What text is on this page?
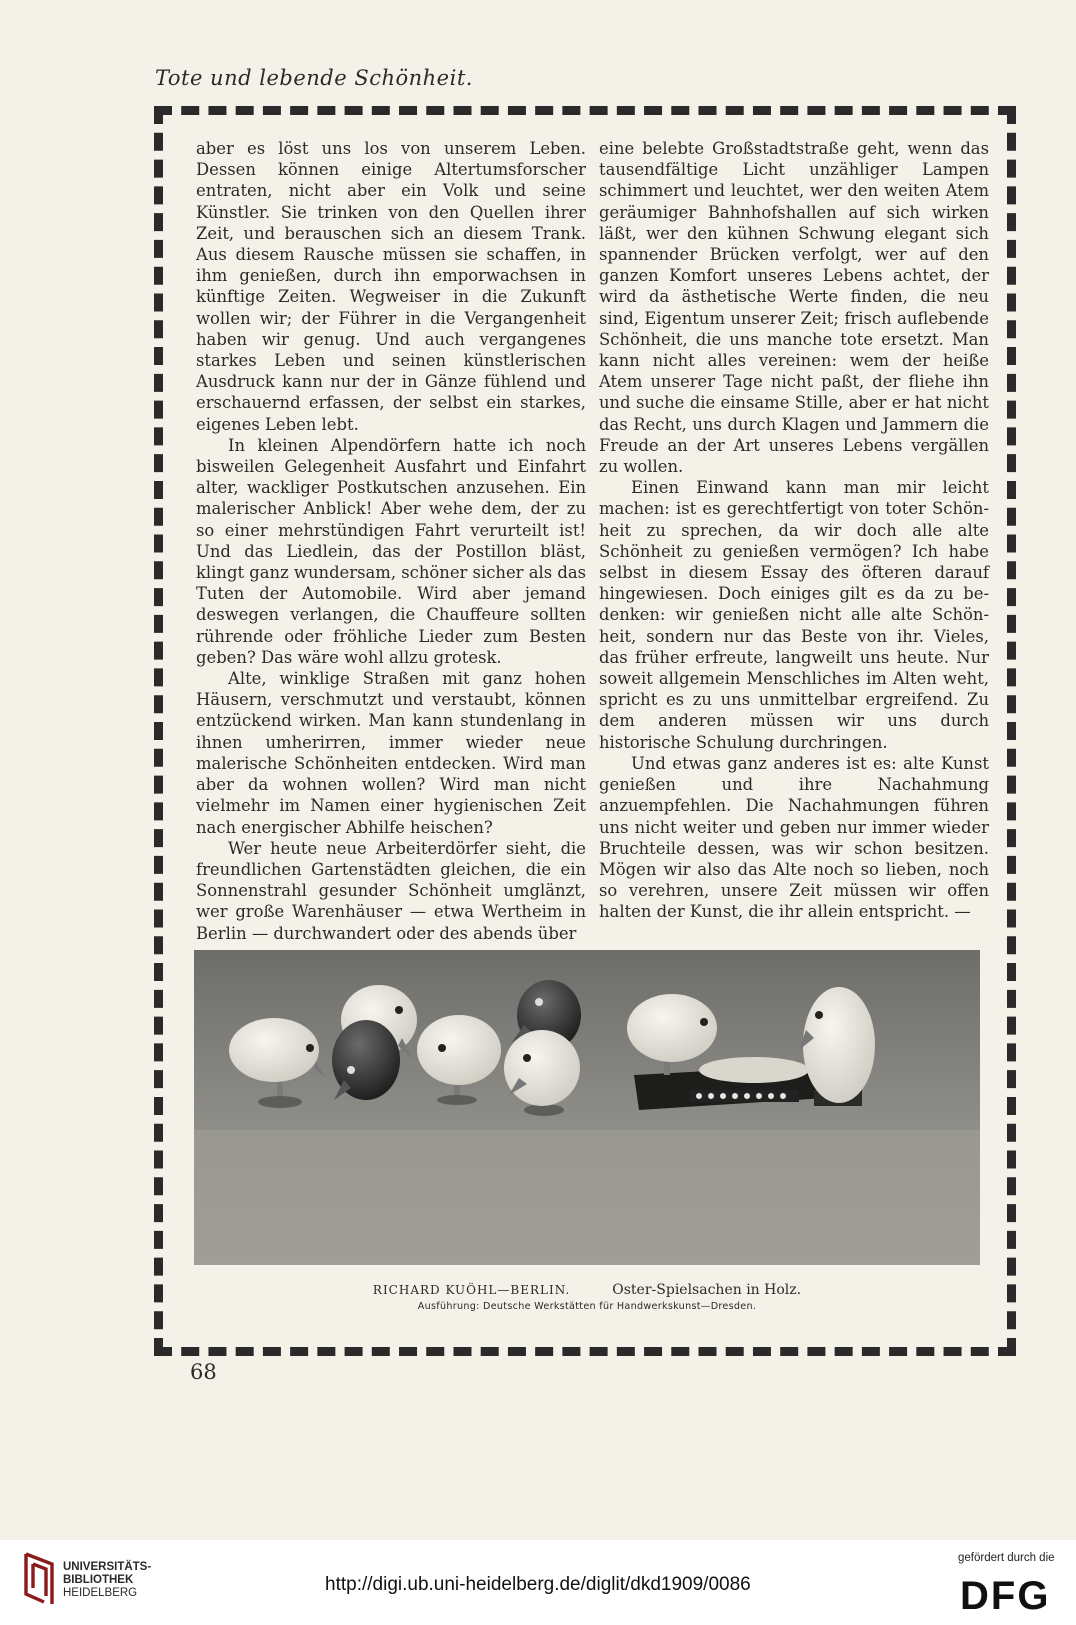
Tote und lebende Schönheit.

aber es löst uns los von unserem Leben. Dessen können einige Altertumsforscher entraten, nicht aber ein Volk und seine Künstler. Sie trinken von den Quellen ihrer Zeit, und berauschen sich an diesem Trank. Aus diesem Rausche müssen sie schaffen, in ihm genießen, durch ihn emporwachsen in künftige Zeiten. Wegweiser in die Zukunft wollen wir; der Führer in die Vergangenheit haben wir genug. Und auch vergangenes starkes Leben und seinen künstlerischen Ausdruck kann nur der in Gänze fühlend und erschauernd erfassen, der selbst ein starkes, eigenes Leben lebt.

In kleinen Alpendörfern hatte ich noch bisweilen Gelegenheit Ausfahrt und Einfahrt alter, wackliger Postkutschen anzusehen. Ein malerischer Anblick! Aber wehe dem, der zu so einer mehrstündigen Fahrt verurteilt ist! Und das Liedlein, das der Postillon bläst, klingt ganz wundersam, schöner sicher als das Tuten der Automobile. Wird aber jemand deswegen verlangen, die Chauffeure sollten rührende oder fröhliche Lieder zum Besten geben? Das wäre wohl allzu grotesk.

Alte, winklige Straßen mit ganz hohen Häusern, verschmutzt und verstaubt, können entzückend wirken. Man kann stundenlang in ihnen umherirren, immer wieder neue malerische Schönheiten entdecken. Wird man aber da wohnen wollen? Wird man nicht vielmehr im Namen einer hygienischen Zeit nach energischer Abhilfe heischen?

Wer heute neue Arbeiterdörfer sieht, die freundlichen Gartenstädten gleichen, die ein Sonnenstrahl gesunder Schönheit umglänzt, wer große Warenhäuser — etwa Wertheim in Berlin — durchwandert oder des abends über

eine belebte Großstadtstraße geht, wenn das tausendfältige Licht unzähliger Lampen schimmert und leuchtet, wer den weiten Atem geräumiger Bahnhofshallen auf sich wirken läßt, wer den kühnen Schwung elegant sich spannender Brücken verfolgt, wer auf den ganzen Komfort unseres Lebens achtet, der wird da ästhetische Werte finden, die neu sind, Eigentum unserer Zeit; frisch auflebende Schönheit, die uns manche tote ersetzt. Man kann nicht alles vereinen: wem der heiße Atem unserer Tage nicht paßt, der fliehe ihn und suche die einsame Stille, aber er hat nicht das Recht, uns durch Klagen und Jammern die Freude an der Art unseres Lebens vergällen zu wollen.

Einen Einwand kann man mir leicht machen: ist es gerechtfertigt von toter Schönheit zu sprechen, da wir doch alle alte Schönheit zu genießen vermögen? Ich habe selbst in diesem Essay des öfteren darauf hingewiesen. Doch einiges gilt es da zu bedenken: wir genießen nicht alle alte Schönheit, sondern nur das Beste von ihr. Vieles, das früher erfreute, langweilt uns heute. Nur soweit allgemein Menschliches im Alten weht, spricht es zu uns unmittelbar ergreifend. Zu dem anderen müssen wir uns durch historische Schulung durchringen.

Und etwas ganz anderes ist es: alte Kunst genießen und ihre Nachahmung anzuempfehlen. Die Nachahmungen führen uns nicht weiter und geben nur immer wieder Bruchteile dessen, was wir schon besitzen. Mögen wir also das Alte noch so lieben, noch so verehren, unsere Zeit müssen wir offen halten der Kunst, die ihr allein entspricht. —

RICHARD KUÖHL—BERLIN.	Oster-Spielsachen in Holz.
Ausführung: Deutsche Werkstätten für Handwerkskunst—Dresden.
68
UNIVERSITÄTS-
BIBLIOTHEK
HEIDELBERG	http://digi.ub.uni-heidelberg.de/diglit/dkd1909/0086
gefördert durch die
DFG
